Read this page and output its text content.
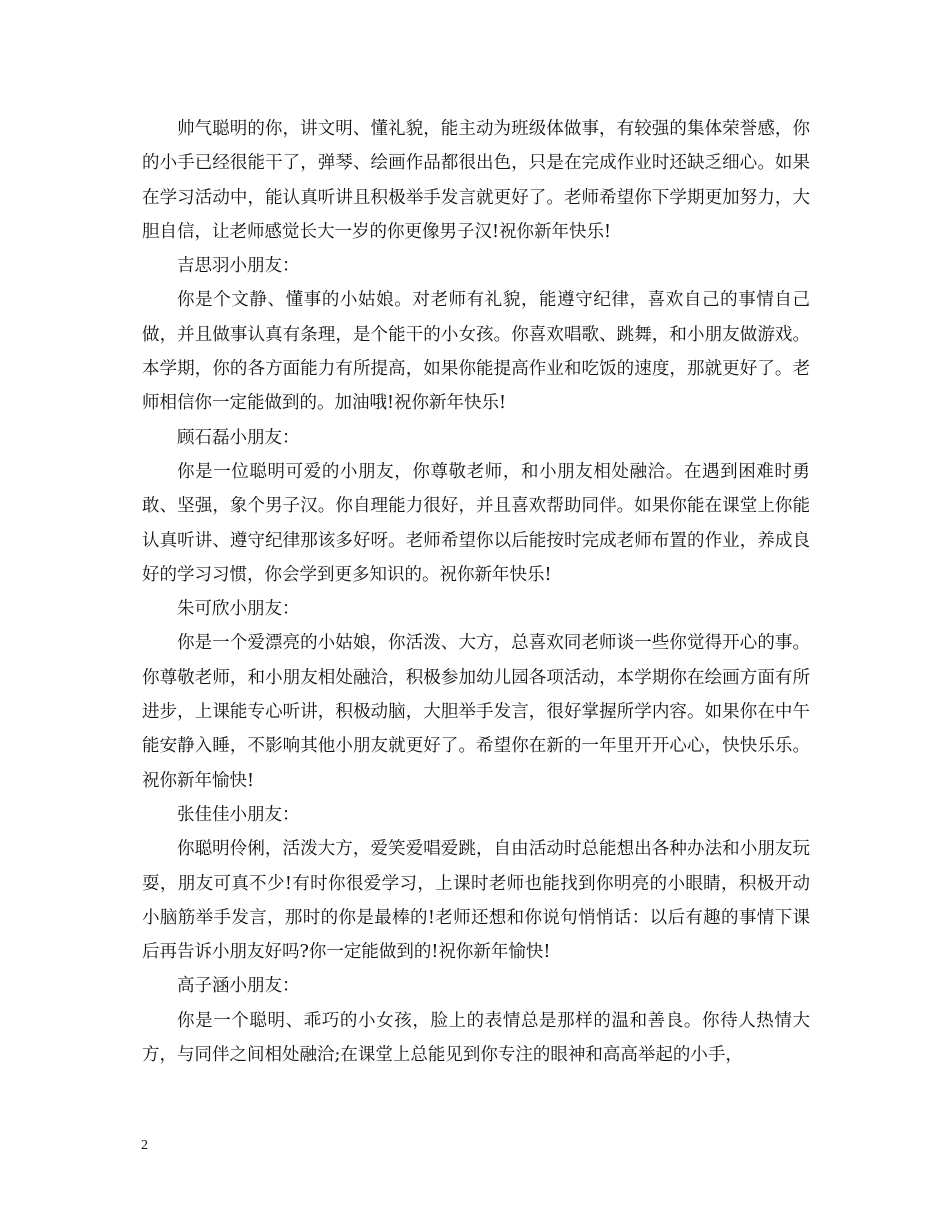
帅气聪明的你，讲文明、懂礼貌，能主动为班级体做事，有较强的集体荣誉感，你的小手已经很能干了，弹琴、绘画作品都很出色，只是在完成作业时还缺乏细心。如果在学习活动中，能认真听讲且积极举手发言就更好了。老师希望你下学期更加努力，大胆自信，让老师感觉长大一岁的你更像男子汉!祝你新年快乐!

吉思羽小朋友：

你是个文静、懂事的小姑娘。对老师有礼貌，能遵守纪律，喜欢自己的事情自己做，并且做事认真有条理，是个能干的小女孩。你喜欢唱歌、跳舞，和小朋友做游戏。本学期，你的各方面能力有所提高，如果你能提高作业和吃饭的速度，那就更好了。老师相信你一定能做到的。加油哦!祝你新年快乐!

顾石磊小朋友：

你是一位聪明可爱的小朋友，你尊敬老师，和小朋友相处融洽。在遇到困难时勇敢、坚强，象个男子汉。你自理能力很好，并且喜欢帮助同伴。如果你能在课堂上你能认真听讲、遵守纪律那该多好呀。老师希望你以后能按时完成老师布置的作业，养成良好的学习习惯，你会学到更多知识的。祝你新年快乐!

朱可欣小朋友：

你是一个爱漂亮的小姑娘，你活泼、大方，总喜欢同老师谈一些你觉得开心的事。你尊敬老师，和小朋友相处融洽，积极参加幼儿园各项活动，本学期你在绘画方面有所进步，上课能专心听讲，积极动脑，大胆举手发言，很好掌握所学内容。如果你在中午能安静入睡，不影响其他小朋友就更好了。希望你在新的一年里开开心心，快快乐乐。祝你新年愉快!

张佳佳小朋友：

你聪明伶俐，活泼大方，爱笑爱唱爱跳，自由活动时总能想出各种办法和小朋友玩耍，朋友可真不少!有时你很爱学习，上课时老师也能找到你明亮的小眼睛，积极开动小脑筋举手发言，那时的你是最棒的!老师还想和你说句悄悄话：以后有趣的事情下课后再告诉小朋友好吗?你一定能做到的!祝你新年愉快!

高子涵小朋友：

你是一个聪明、乖巧的小女孩，脸上的表情总是那样的温和善良。你待人热情大方，与同伴之间相处融洽;在课堂上总能见到你专注的眼神和高高举起的小手，

2
